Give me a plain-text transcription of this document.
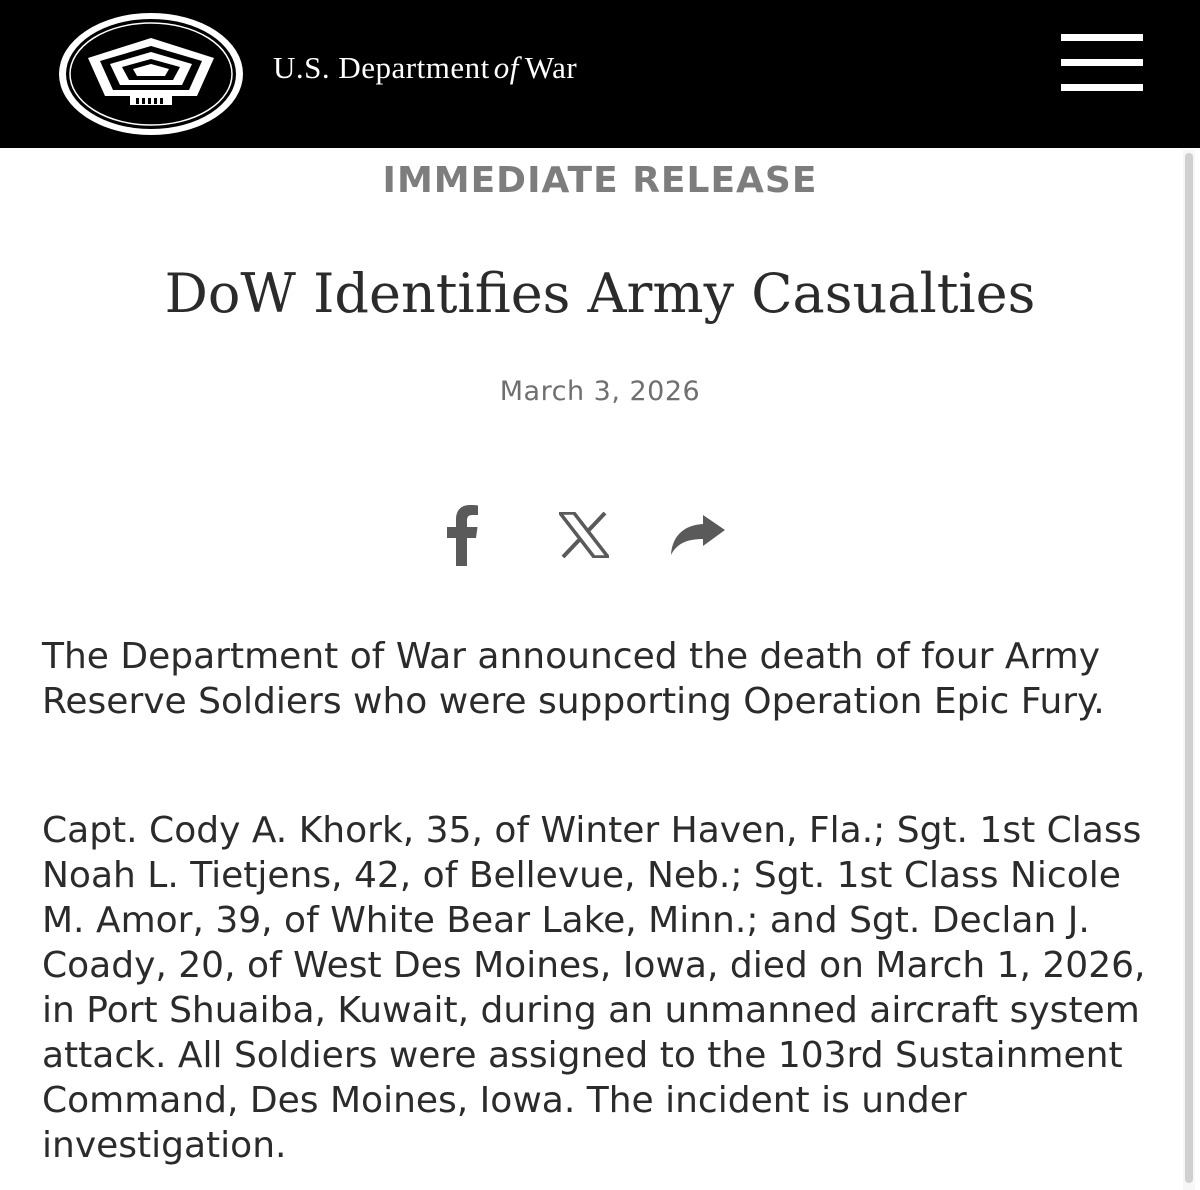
U.S. Department of War
IMMEDIATE RELEASE
DoW Identifies Army Casualties
March 3, 2026

The Department of War announced the death of four Army Reserve Soldiers who were supporting Operation Epic Fury.

Capt. Cody A. Khork, 35, of Winter Haven, Fla.; Sgt. 1st Class Noah L. Tietjens, 42, of Bellevue, Neb.; Sgt. 1st Class Nicole M. Amor, 39, of White Bear Lake, Minn.; and Sgt. Declan J. Coady, 20, of West Des Moines, Iowa, died on March 1, 2026, in Port Shuaiba, Kuwait, during an unmanned aircraft system attack. All Soldiers were assigned to the 103rd Sustainment Command, Des Moines, Iowa. The incident is under investigation.
